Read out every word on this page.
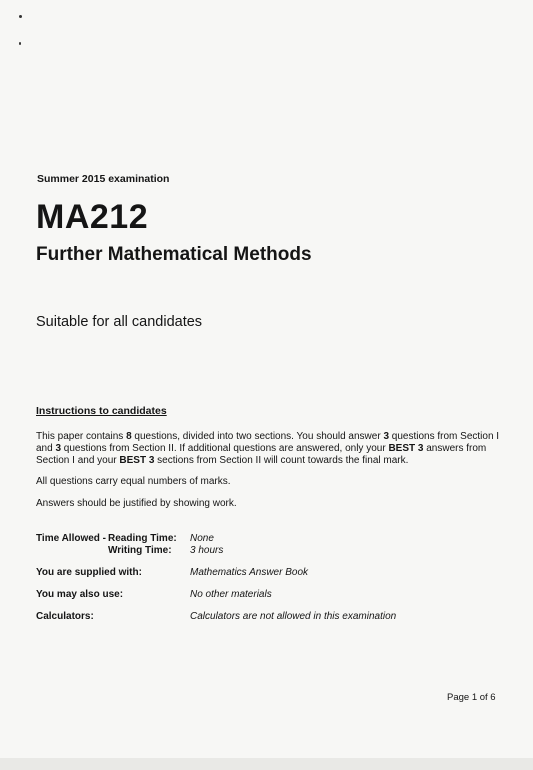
Summer 2015 examination
MA212
Further Mathematical Methods
Suitable for all candidates
Instructions to candidates
This paper contains 8 questions, divided into two sections. You should answer 3 questions from Section I and 3 questions from Section II. If additional questions are answered, only your BEST 3 answers from Section I and your BEST 3 sections from Section II will count towards the final mark.
All questions carry equal numbers of marks.
Answers should be justified by showing work.
Time Allowed - Reading Time: None
Writing Time: 3 hours
You are supplied with:	Mathematics Answer Book
You may also use:	No other materials
Calculators:	Calculators are not allowed in this examination
Page 1 of 6
